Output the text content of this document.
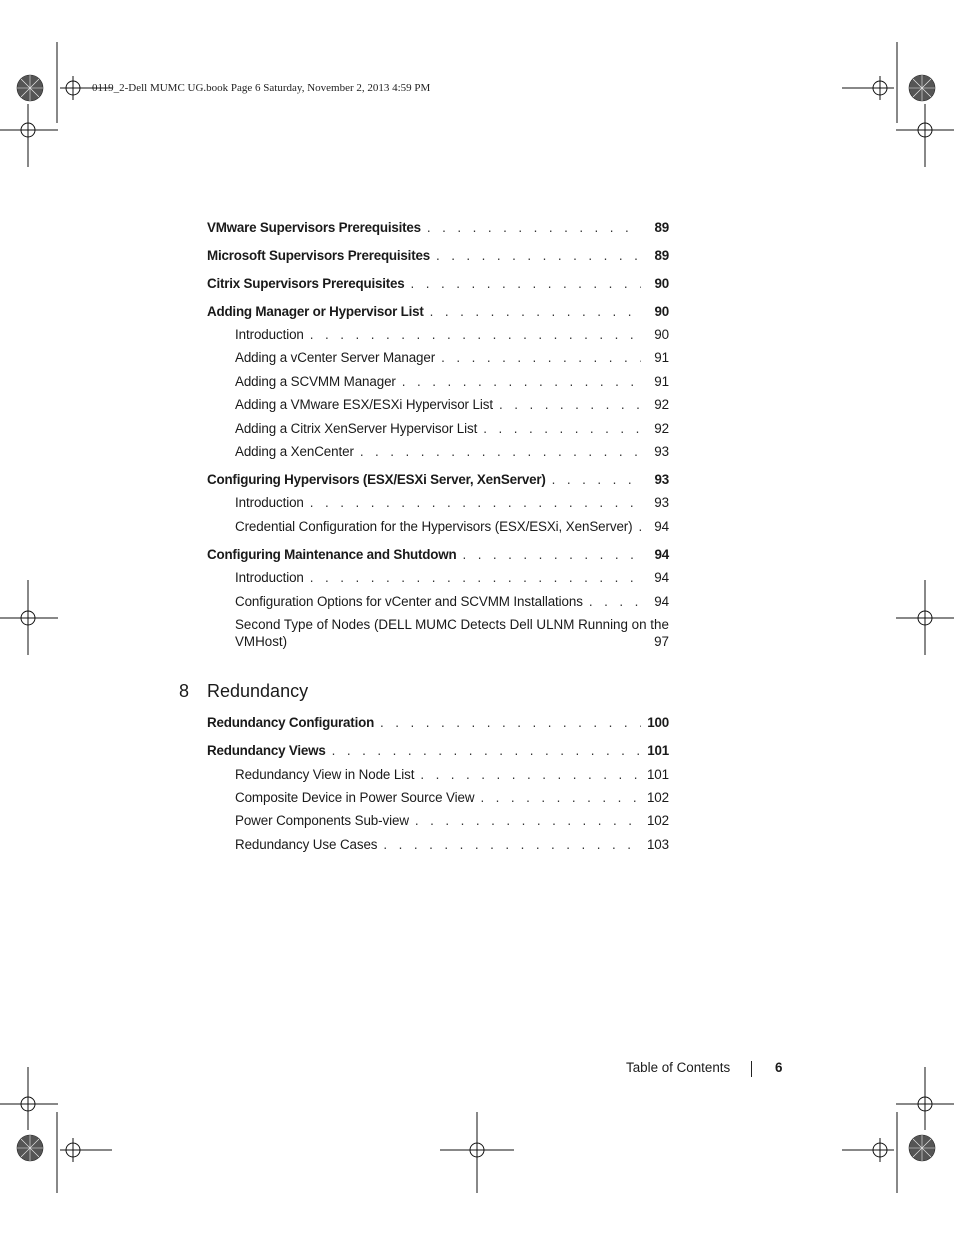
0119_2-Dell MUMC UG.book Page 6 Saturday, November 2, 2013 4:59 PM
VMware Supervisors Prerequisites . . .	89
Microsoft Supervisors Prerequisites . . .	89
Citrix Supervisors Prerequisites . . .	90
Adding Manager or Hypervisor List . . .	90
Introduction . . .	90
Adding a vCenter Server Manager . . .	91
Adding a SCVMM Manager . . .	91
Adding a VMware ESX/ESXi Hypervisor List . . .	92
Adding a Citrix XenServer Hypervisor List . . .	92
Adding a XenCenter . . .	93
Configuring Hypervisors (ESX/ESXi Server, XenServer) . . .	93
Introduction . . .	93
Credential Configuration for the Hypervisors (ESX/ESXi, XenServer) . . .	94
Configuring Maintenance and Shutdown . . .	94
Introduction . . .	94
Configuration Options for vCenter and SCVMM Installations . . .	94
Second Type of Nodes (DELL MUMC Detects Dell ULNM Running on the
VMHost)	97
8 Redundancy
Redundancy Configuration . . .	100
Redundancy Views . . .	101
Redundancy View in Node List . . .	101
Composite Device in Power Source View . . .	102
Power Components Sub-view . . .	102
Redundancy Use Cases . . .	103
Table of Contents	6
